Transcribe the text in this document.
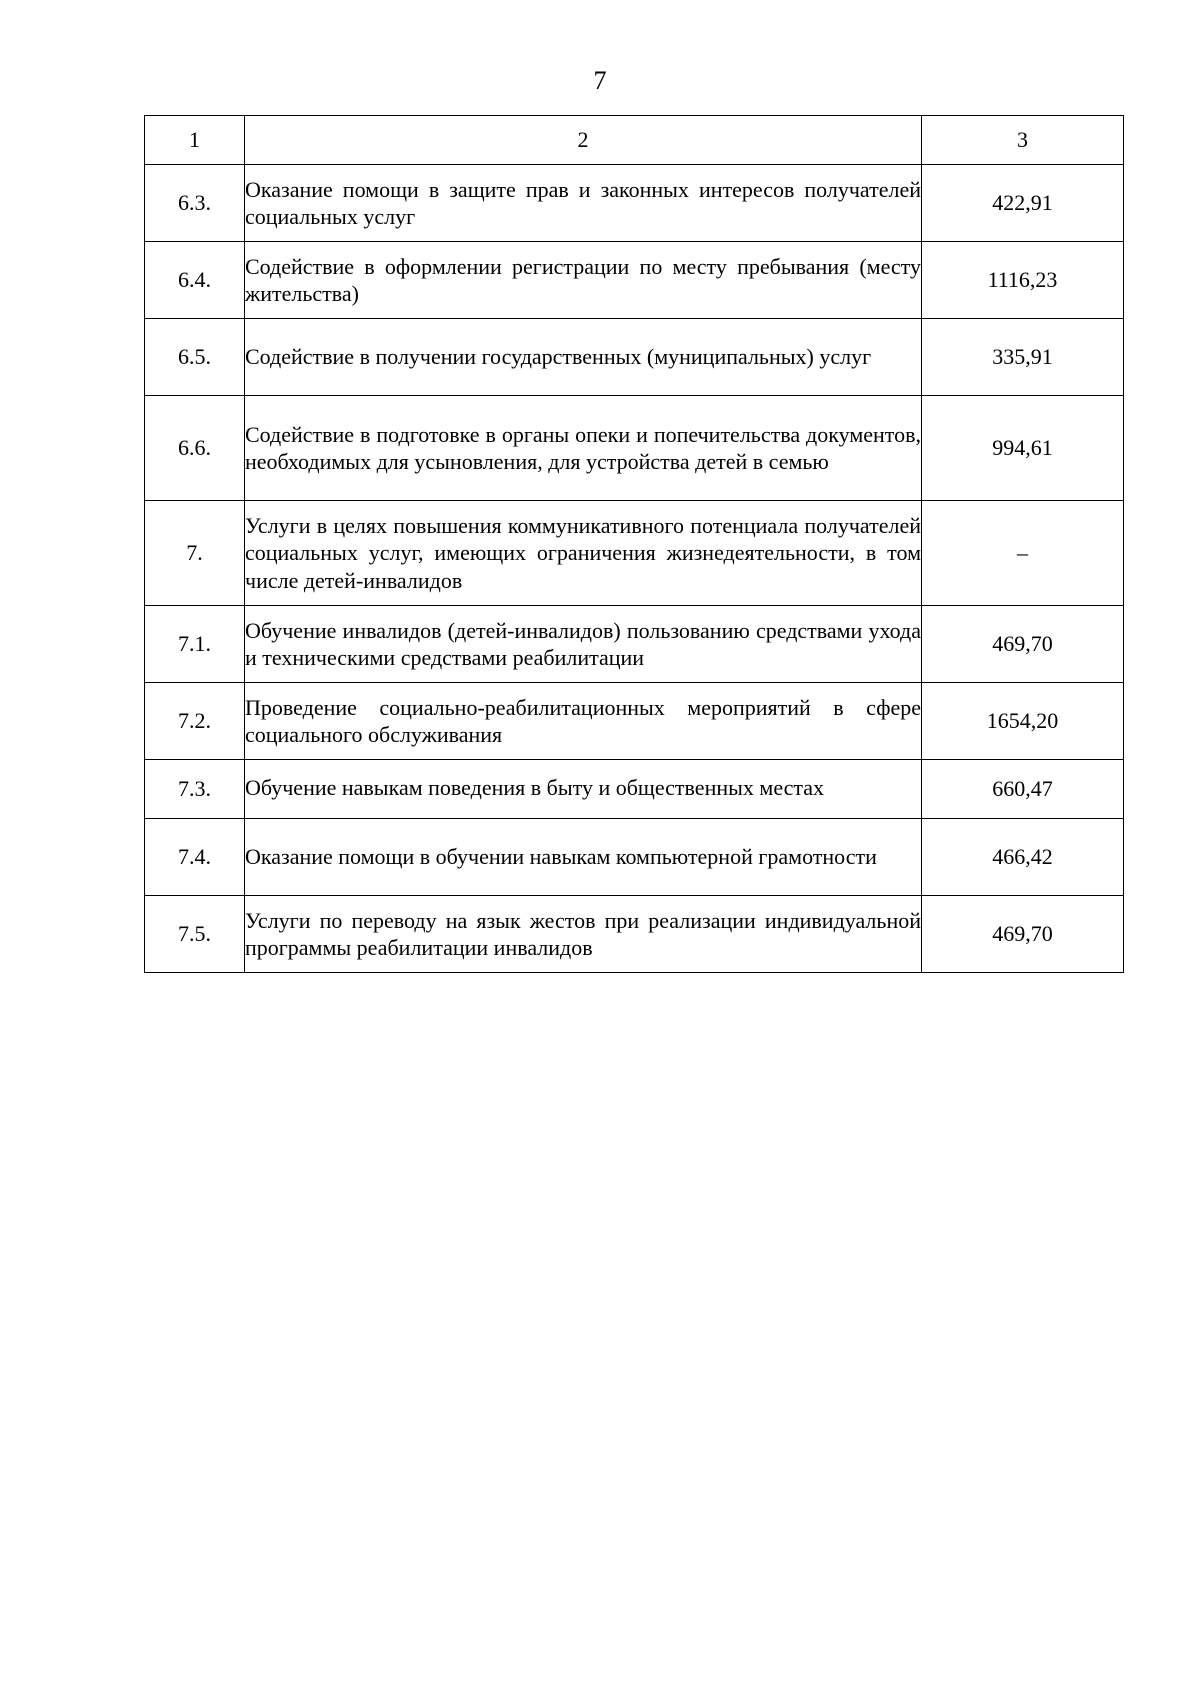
7
1	2	3
6.3.	Оказание помощи в защите прав и законных интересов получателей социальных услуг	422,91
6.4.	Содействие в оформлении регистрации по месту пребывания (месту жительства)	1116,23
6.5.	Содействие в получении государственных (муниципальных) услуг	335,91
6.6.	Содействие в подготовке в органы опеки и попечительства документов, необходимых для усыновления, для устройства детей в семью	994,61
7.	Услуги в целях повышения коммуникативного потенциала получателей социальных услуг, имеющих ограничения жизнедеятельности, в том числе детей-инвалидов	–
7.1.	Обучение инвалидов (детей-инвалидов) пользованию средствами ухода и техническими средствами реабилитации	469,70
7.2.	Проведение социально-реабилитационных мероприятий в сфере социального обслуживания	1654,20
7.3.	Обучение навыкам поведения в быту и общественных местах	660,47
7.4.	Оказание помощи в обучении навыкам компьютерной грамотности	466,42
7.5.	Услуги по переводу на язык жестов при реализации индивидуальной программы реабилитации инвалидов	469,70
